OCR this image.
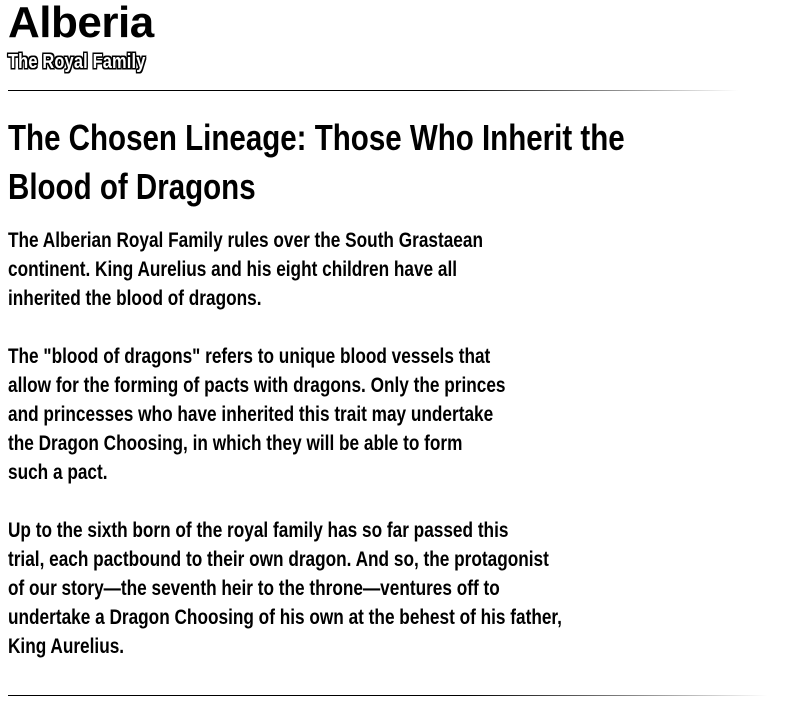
Alberia
The Royal Family
The Chosen Lineage: Those Who Inherit the
Blood of Dragons

The Alberian Royal Family rules over the South Grastaean
continent. King Aurelius and his eight children have all
inherited the blood of dragons.

The "blood of dragons" refers to unique blood vessels that
allow for the forming of pacts with dragons. Only the princes
and princesses who have inherited this trait may undertake
the Dragon Choosing, in which they will be able to form
such a pact.

Up to the sixth born of the royal family has so far passed this
trial, each pactbound to their own dragon. And so, the protagonist
of our story—the seventh heir to the throne—ventures off to
undertake a Dragon Choosing of his own at the behest of his father,
King Aurelius.
